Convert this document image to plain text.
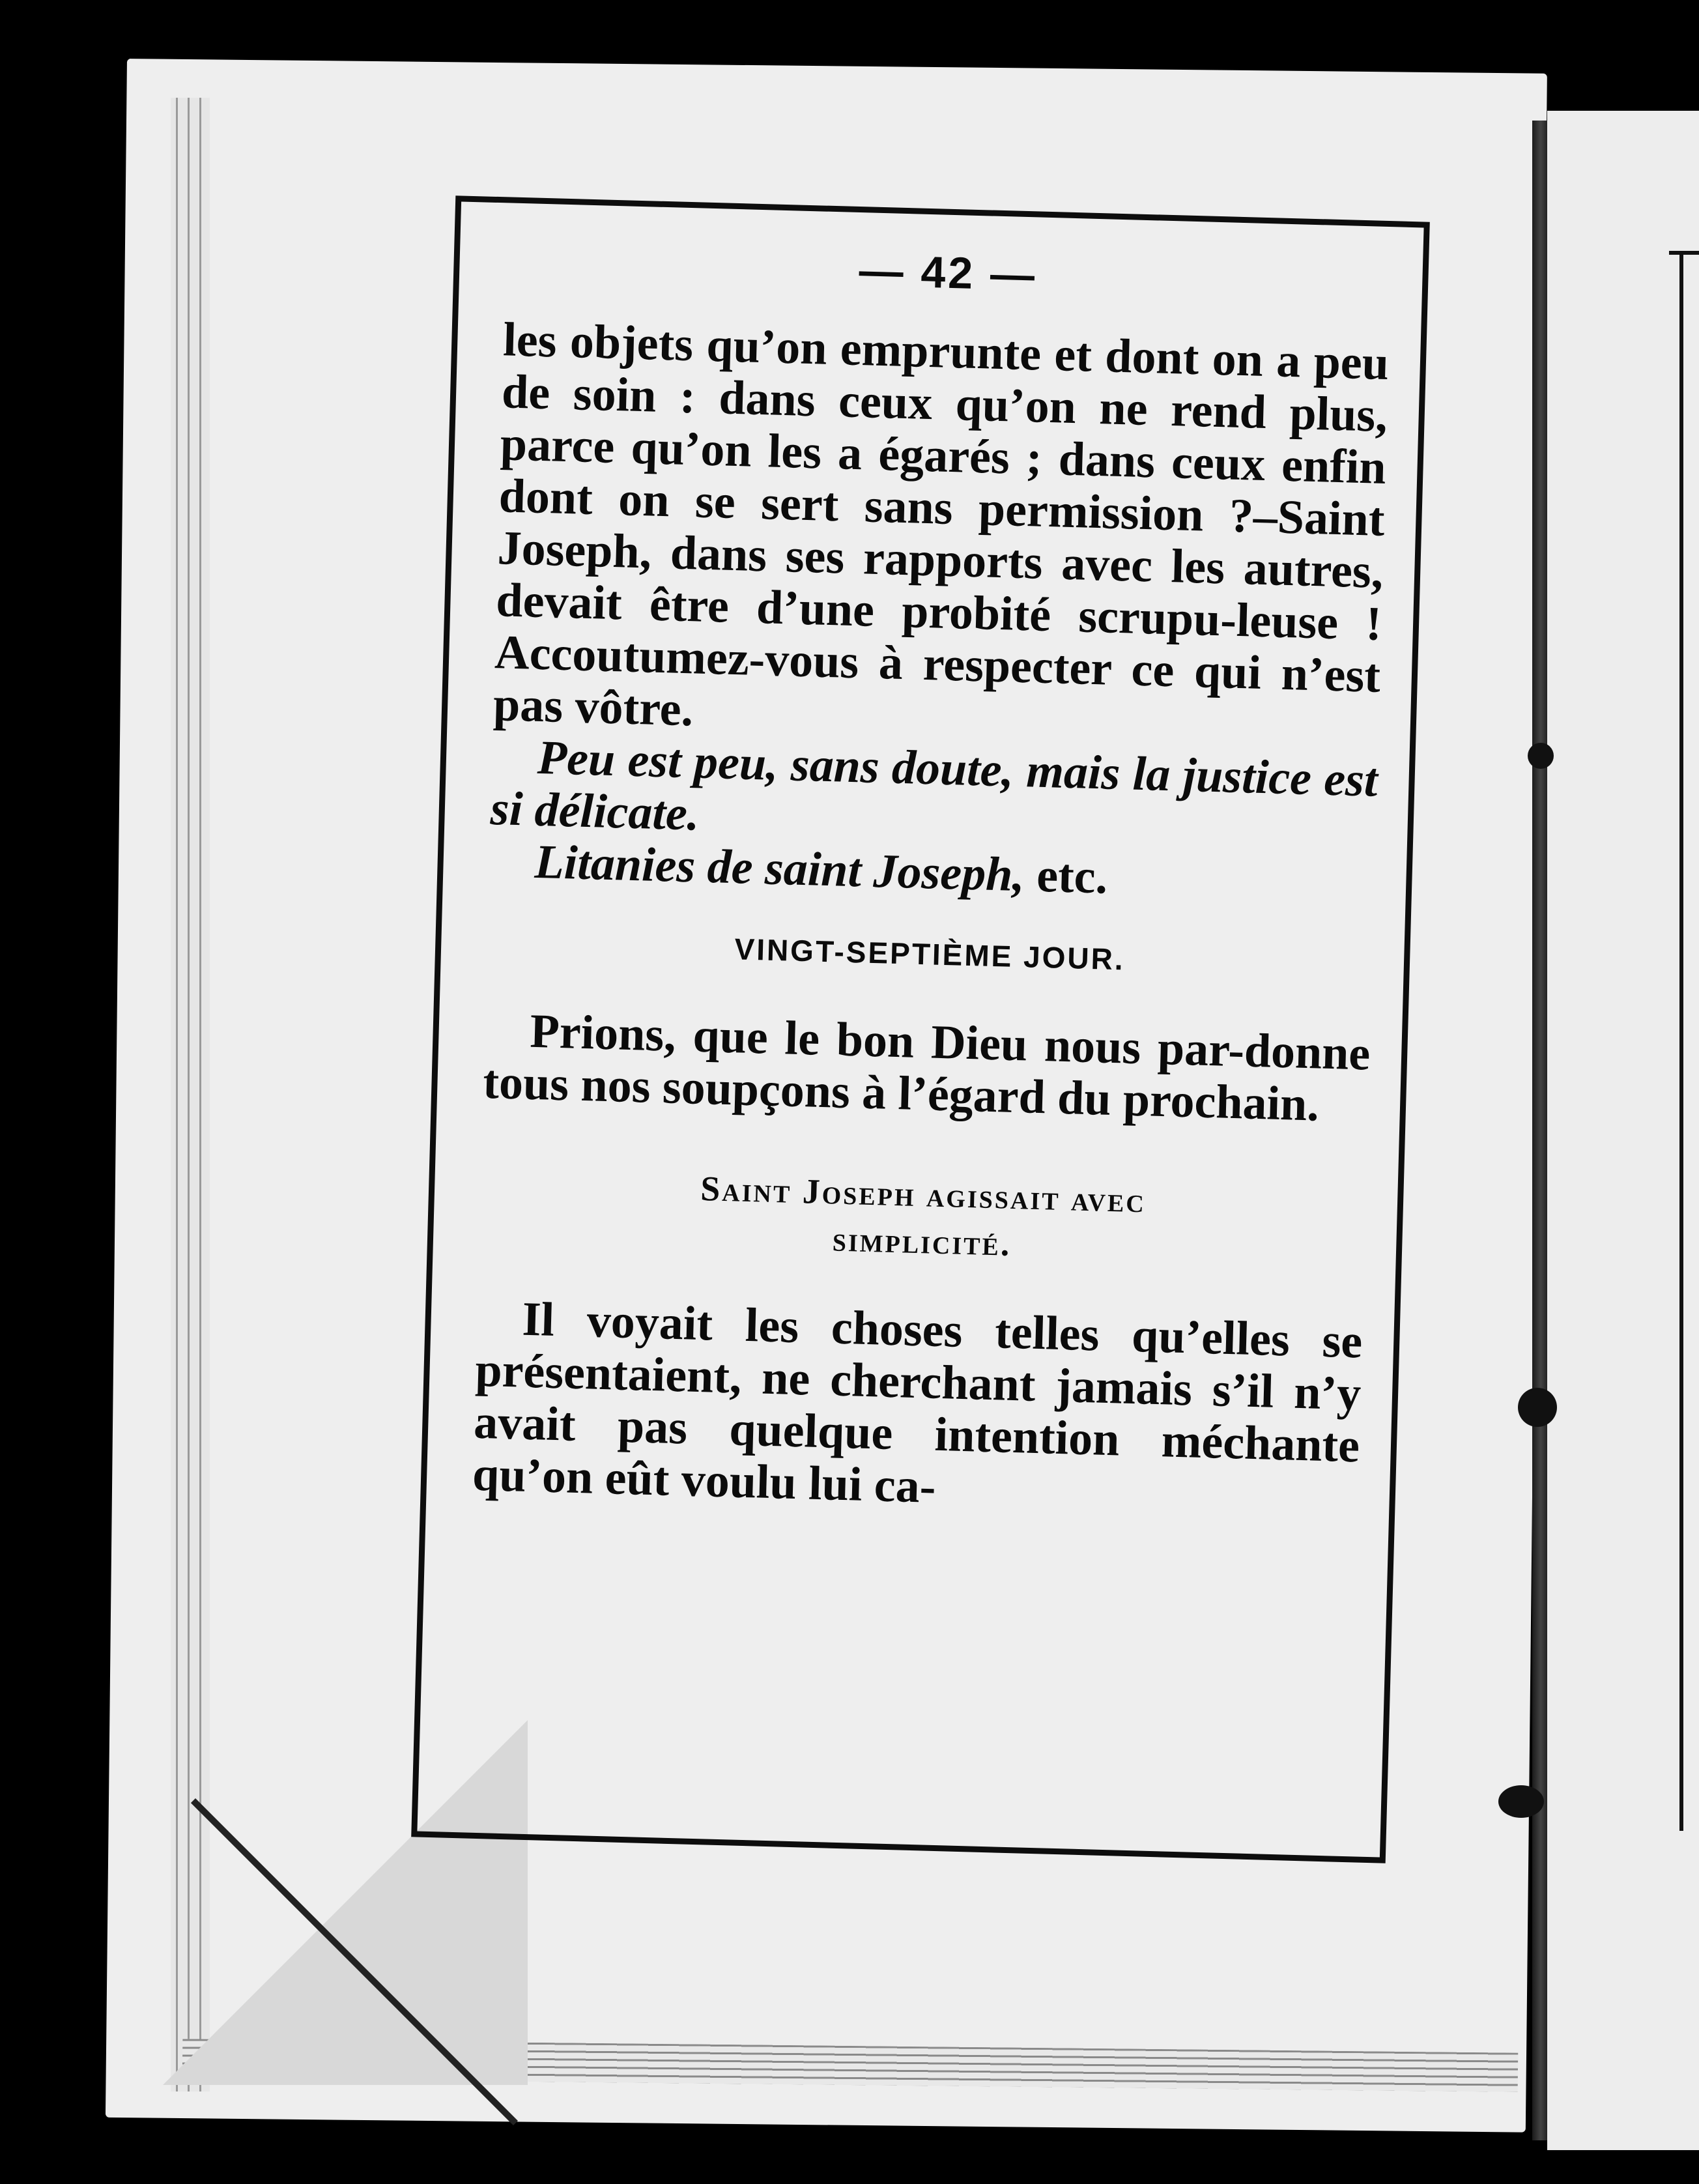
— 42 —

les objets qu’on emprunte et dont on a peu de soin : dans ceux qu’on ne rend plus, parce qu’on les a égarés ; dans ceux enfin dont on se sert sans permission ?–Saint Joseph, dans ses rapports avec les autres, devait être d’une probité scrupu-leuse ! Accoutumez-vous à respecter ce qui n’est pas vôtre.

Peu est peu, sans doute, mais la justice est si délicate.

Litanies de saint Joseph, etc.

VINGT-SEPTIÈME JOUR.

Prions, que le bon Dieu nous par-donne tous nos soupçons à l’égard du prochain.

Saint Joseph agissait avec
simplicité.

Il voyait les choses telles qu’elles se présentaient, ne cherchant jamais s’il n’y avait pas quelque intention méchante qu’on eût voulu lui ca-
